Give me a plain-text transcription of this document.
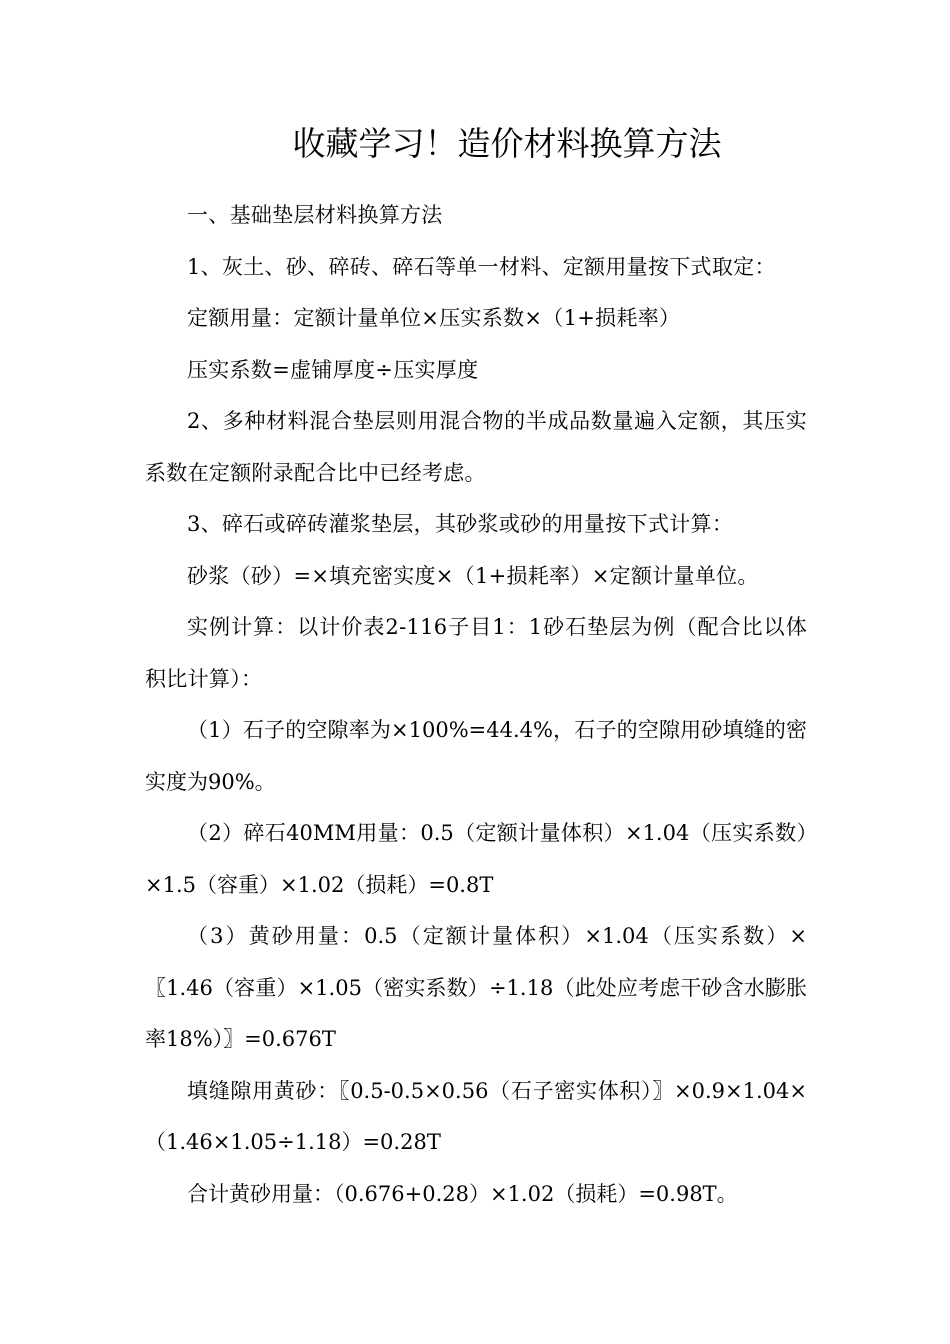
收藏学习！造价材料换算方法

一、基础垫层材料换算方法

1、灰土、砂、碎砖、碎石等单一材料、定额用量按下式取定：

定额用量：定额计量单位×压实系数×（1+损耗率）

压实系数=虚铺厚度÷压实厚度

2、多种材料混合垫层则用混合物的半成品数量遍入定额，其压实系数在定额附录配合比中已经考虑。

3、碎石或碎砖灌浆垫层，其砂浆或砂的用量按下式计算：

砂浆（砂）=×填充密实度×（1+损耗率）×定额计量单位。

实例计算：以计价表2-116子目1：1砂石垫层为例（配合比以体积比计算）：

（1）石子的空隙率为×100%=44.4%，石子的空隙用砂填缝的密实度为90%。

（2）碎石40MM用量：0.5（定额计量体积）×1.04（压实系数）×1.5（容重）×1.02（损耗）=0.8T

（3）黄砂用量：0.5（定额计量体积）×1.04（压实系数）×〖1.46（容重）×1.05（密实系数）÷1.18（此处应考虑干砂含水膨胀率18%）〗=0.676T

填缝隙用黄砂：〖0.5-0.5×0.56（石子密实体积）〗×0.9×1.04×（1.46×1.05÷1.18）=0.28T

合计黄砂用量：（0.676+0.28）×1.02（损耗）=0.98T。
